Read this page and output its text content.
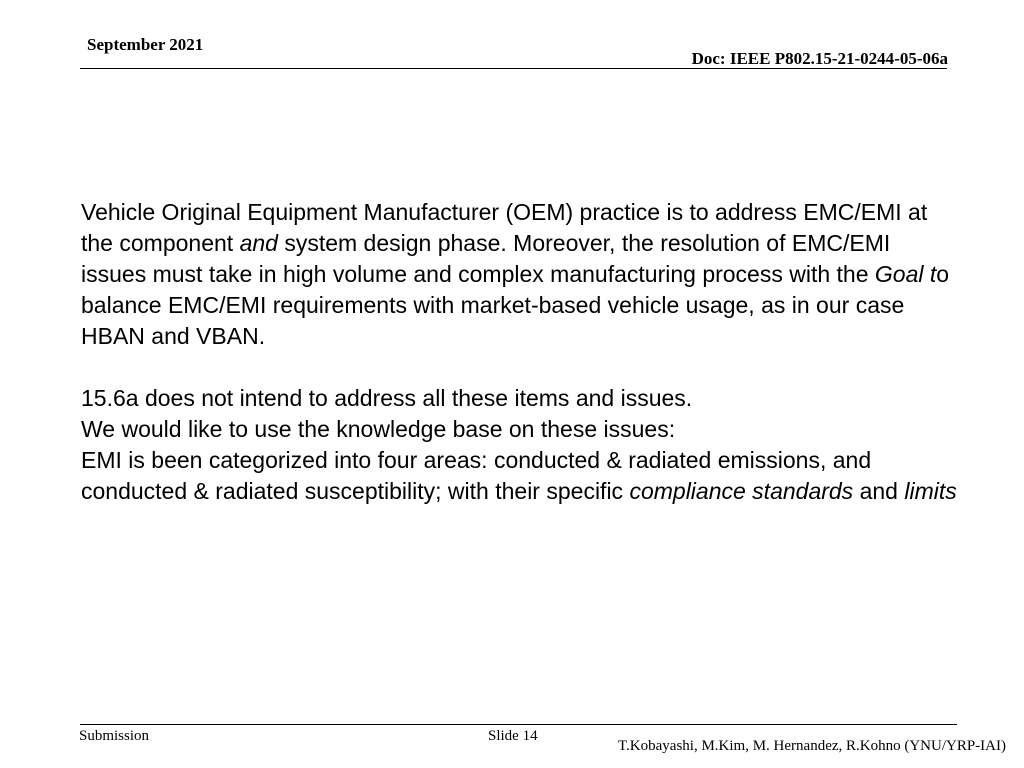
September 2021
Doc: IEEE P802.15-21-0244-05-06a
Vehicle Original Equipment Manufacturer (OEM) practice is to address EMC/EMI at the component and system design phase. Moreover, the resolution of EMC/EMI issues must take in high volume and complex manufacturing process with the Goal to balance EMC/EMI requirements with market-based vehicle usage, as in our case HBAN and VBAN.
15.6a does not intend to address all these items and issues.
We would like to use the knowledge base on these issues:
EMI is been categorized into four areas: conducted & radiated emissions, and conducted & radiated susceptibility; with their specific compliance standards and limits
Submission	Slide 14
T.Kobayashi, M.Kim, M. Hernandez, R.Kohno (YNU/YRP-IAI)
